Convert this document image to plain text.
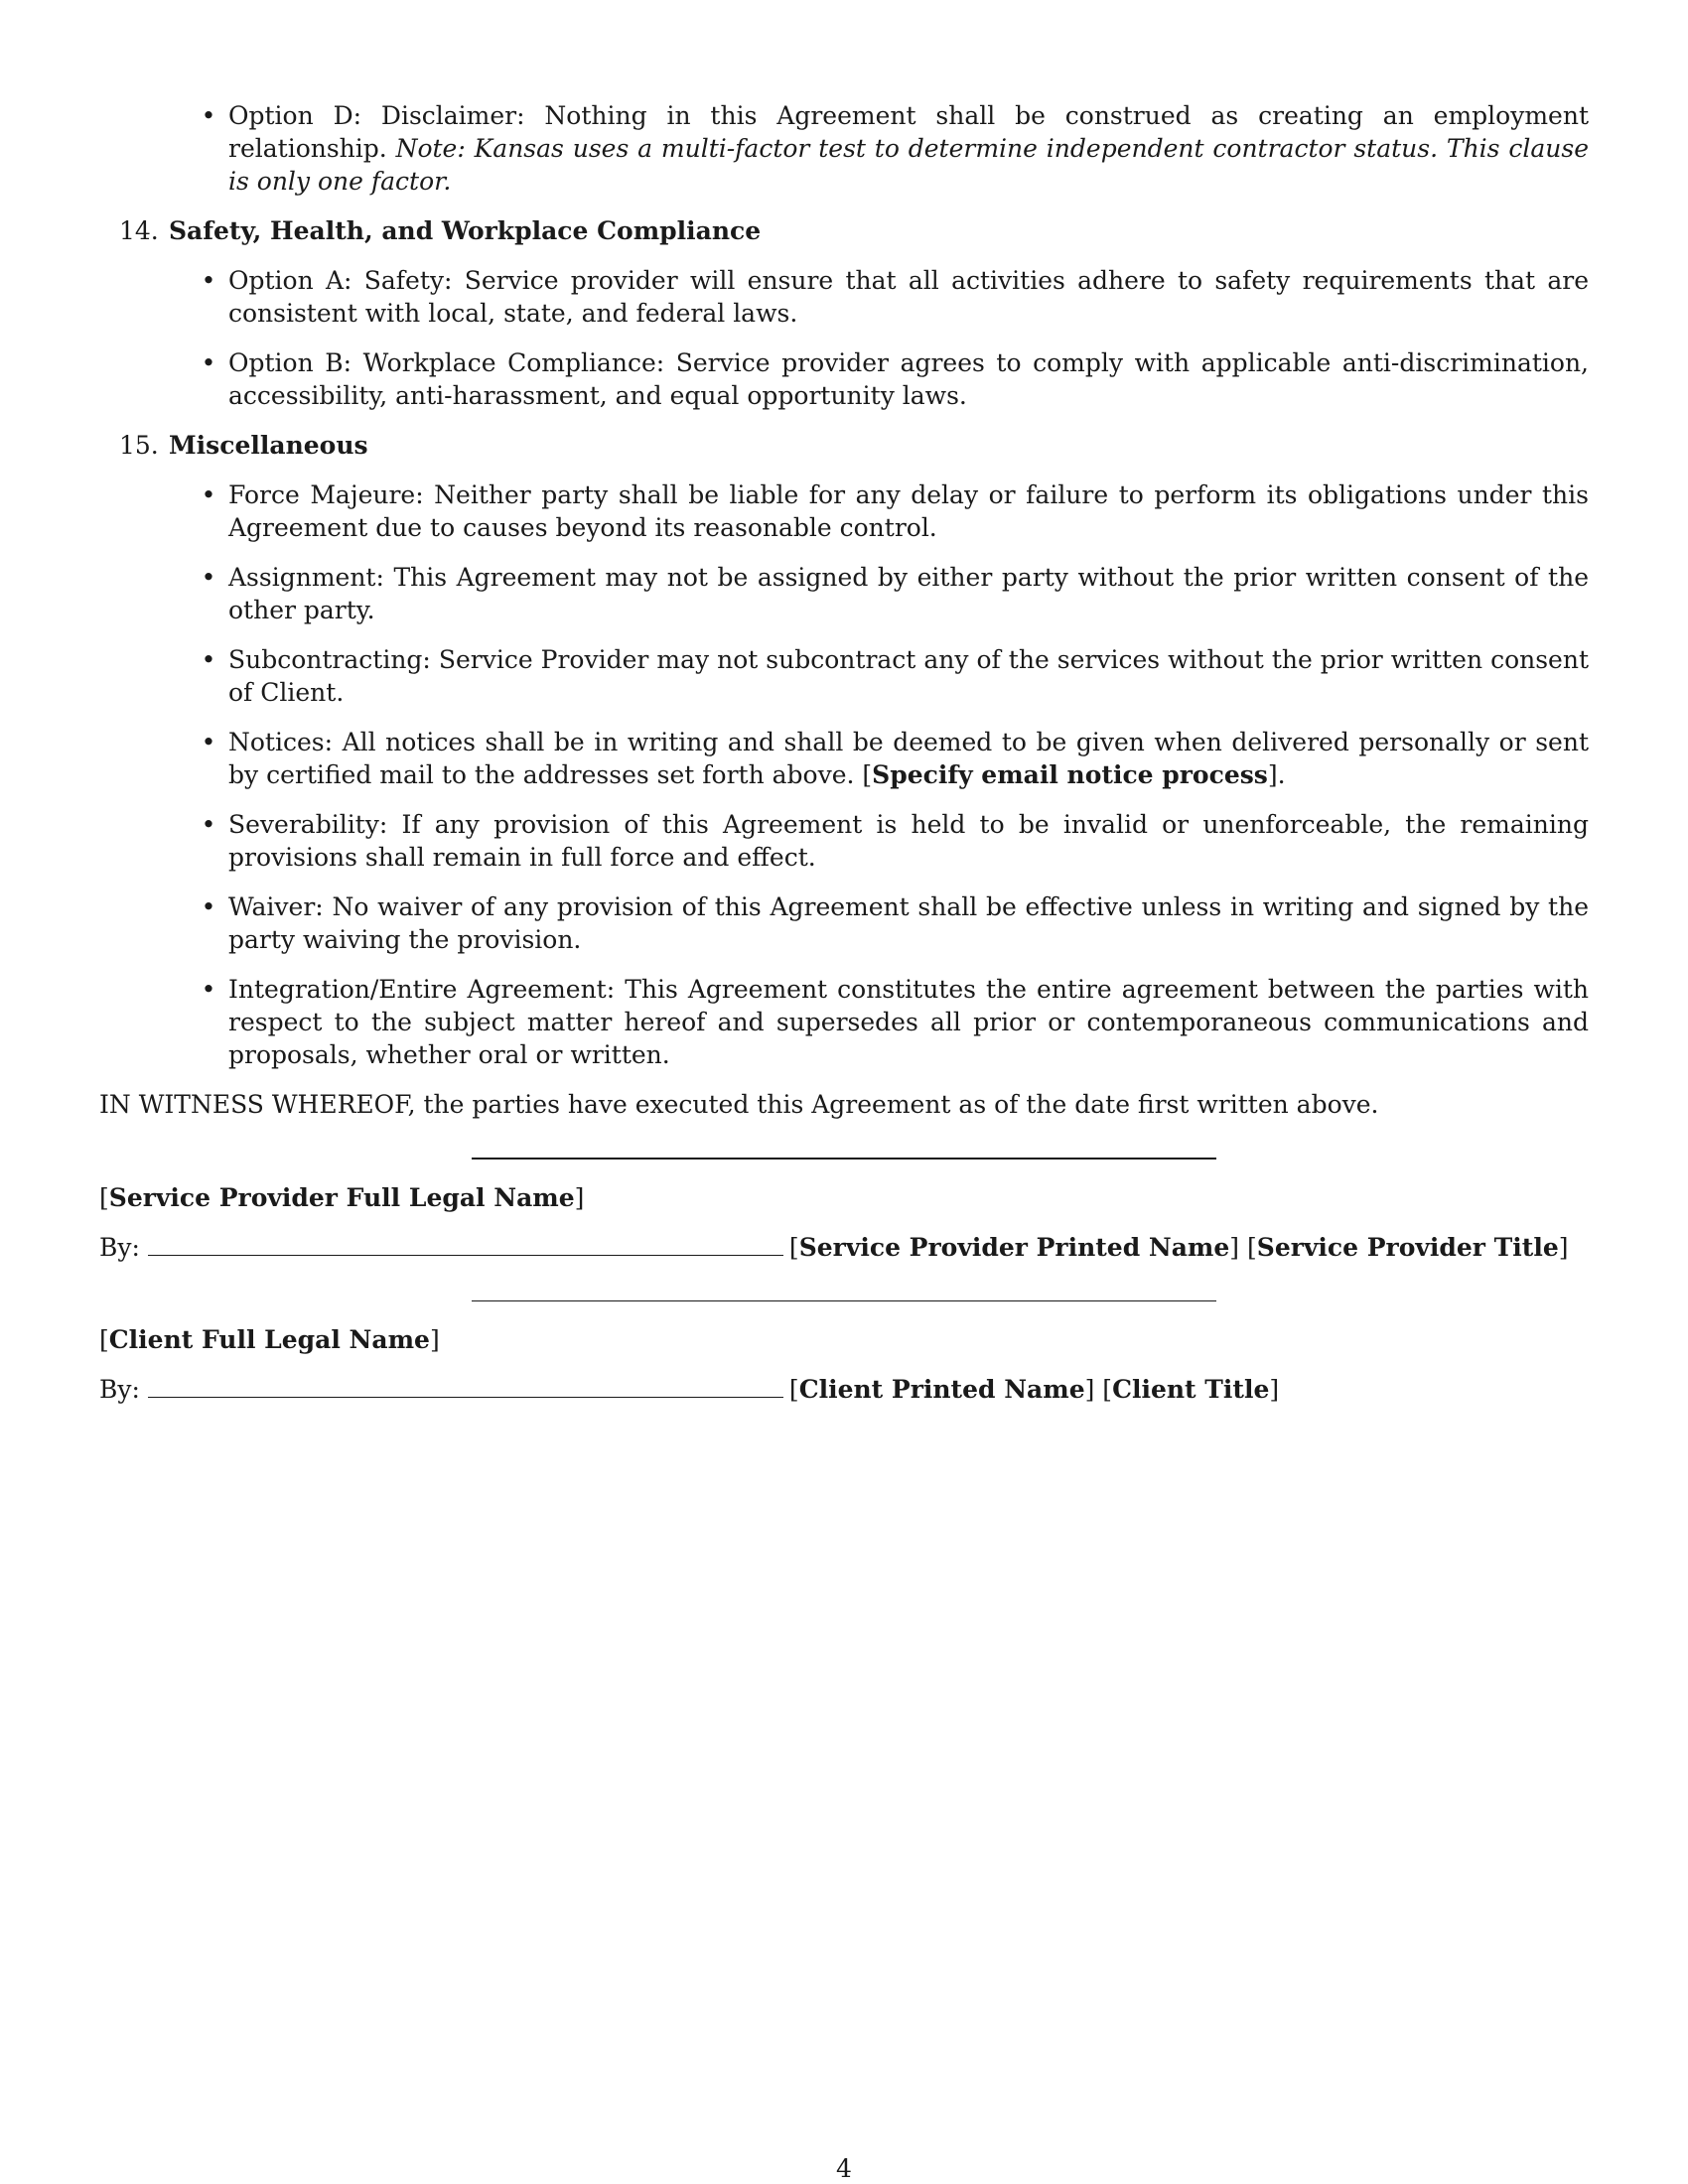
• Option D: Disclaimer: Nothing in this Agreement shall be construed as creating an employment relationship. Note: Kansas uses a multi-factor test to determine independent contractor status. This clause is only one factor.
14. Safety, Health, and Workplace Compliance
• Option A: Safety: Service provider will ensure that all activities adhere to safety requirements that are consistent with local, state, and federal laws.
• Option B: Workplace Compliance: Service provider agrees to comply with applicable anti-discrimination, accessibility, anti-harassment, and equal opportunity laws.
15. Miscellaneous
• Force Majeure: Neither party shall be liable for any delay or failure to perform its obligations under this Agreement due to causes beyond its reasonable control.
• Assignment: This Agreement may not be assigned by either party without the prior written consent of the other party.
• Subcontracting: Service Provider may not subcontract any of the services without the prior written consent of Client.
• Notices: All notices shall be in writing and shall be deemed to be given when delivered personally or sent by certified mail to the addresses set forth above. [Specify email notice process].
• Severability: If any provision of this Agreement is held to be invalid or unenforceable, the remaining provisions shall remain in full force and effect.
• Waiver: No waiver of any provision of this Agreement shall be effective unless in writing and signed by the party waiving the provision.
• Integration/Entire Agreement: This Agreement constitutes the entire agreement between the parties with respect to the subject matter hereof and supersedes all prior or contemporaneous communications and proposals, whether oral or written.
IN WITNESS WHEREOF, the parties have executed this Agreement as of the date first written above.
[Service Provider Full Legal Name]
By:	[Service Provider Printed Name] [Service Provider Title]
[Client Full Legal Name]
By:	[Client Printed Name] [Client Title]
4
